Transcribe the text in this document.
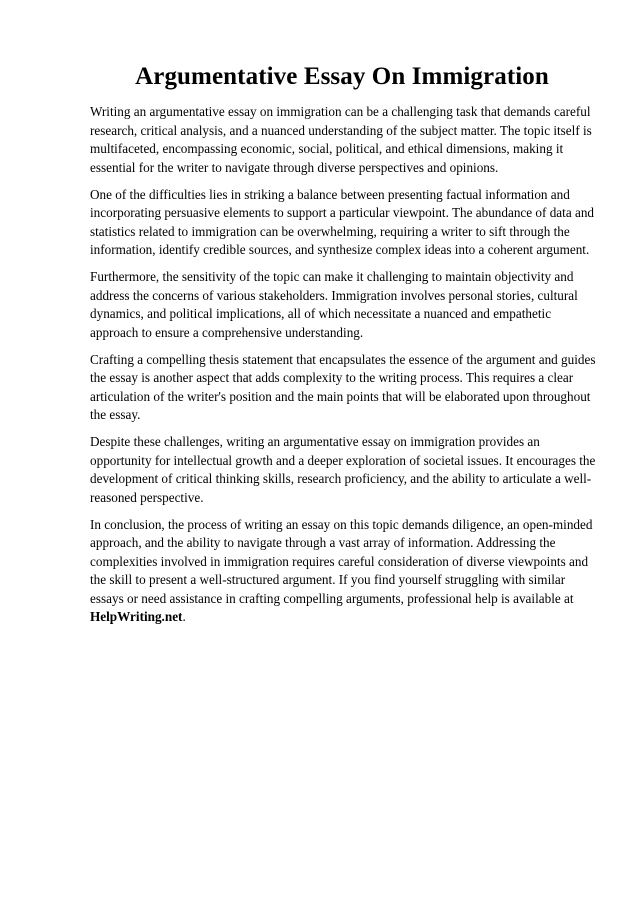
Argumentative Essay On Immigration

Writing an argumentative essay on immigration can be a challenging task that demands careful research, critical analysis, and a nuanced understanding of the subject matter. The topic itself is multifaceted, encompassing economic, social, political, and ethical dimensions, making it essential for the writer to navigate through diverse perspectives and opinions.

One of the difficulties lies in striking a balance between presenting factual information and incorporating persuasive elements to support a particular viewpoint. The abundance of data and statistics related to immigration can be overwhelming, requiring a writer to sift through the information, identify credible sources, and synthesize complex ideas into a coherent argument.

Furthermore, the sensitivity of the topic can make it challenging to maintain objectivity and address the concerns of various stakeholders. Immigration involves personal stories, cultural dynamics, and political implications, all of which necessitate a nuanced and empathetic approach to ensure a comprehensive understanding.

Crafting a compelling thesis statement that encapsulates the essence of the argument and guides the essay is another aspect that adds complexity to the writing process. This requires a clear articulation of the writer's position and the main points that will be elaborated upon throughout the essay.

Despite these challenges, writing an argumentative essay on immigration provides an opportunity for intellectual growth and a deeper exploration of societal issues. It encourages the development of critical thinking skills, research proficiency, and the ability to articulate a well-reasoned perspective.

In conclusion, the process of writing an essay on this topic demands diligence, an open-minded approach, and the ability to navigate through a vast array of information. Addressing the complexities involved in immigration requires careful consideration of diverse viewpoints and the skill to present a well-structured argument. If you find yourself struggling with similar essays or need assistance in crafting compelling arguments, professional help is available at
HelpWriting.net.
